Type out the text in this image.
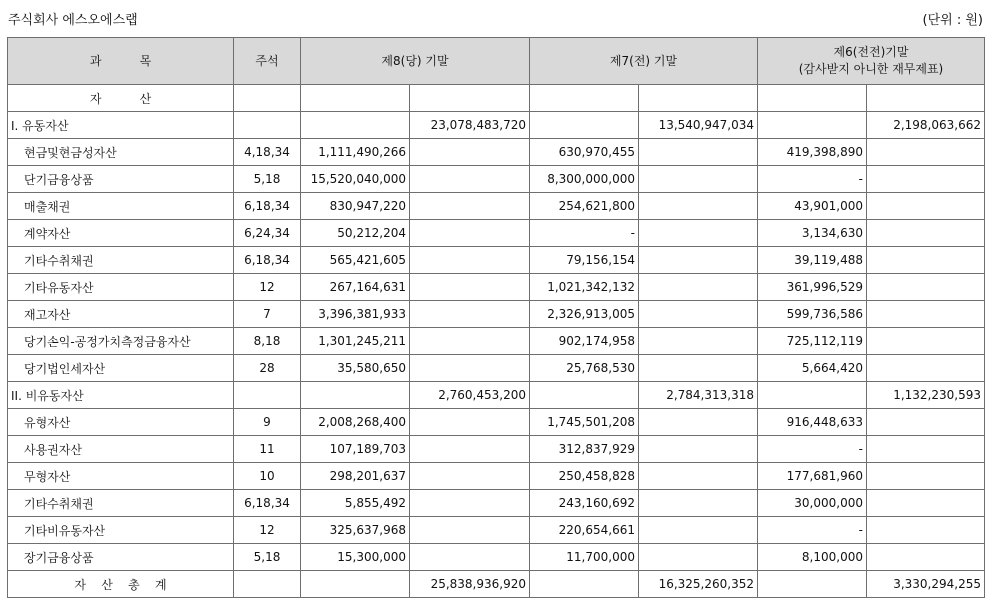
주식회사 에스오에스랩	(단위 : 원)
과          목	주석	제8(당) 기말		제7(전) 기말		제6(전전)기말
(감사받지 아니한 재무제표)	

자          산							
I. 유동자산			23,078,483,720		13,540,947,034		2,198,063,662
현금및현금성자산	4,18,34	1,111,490,266		630,970,455		419,398,890	
단기금융상품	5,18	15,520,040,000		8,300,000,000		-	
매출채권	6,18,34	830,947,220		254,621,800		43,901,000	
계약자산	6,24,34	50,212,204		-		3,134,630	
기타수취채권	6,18,34	565,421,605		79,156,154		39,119,488	
기타유동자산	12	267,164,631		1,021,342,132		361,996,529	
재고자산	7	3,396,381,933		2,326,913,005		599,736,586	
당기손익-공정가치측정금융자산	8,18	1,301,245,211		902,174,958		725,112,119	
당기법인세자산	28	35,580,650		25,768,530		5,664,420	
II. 비유동자산			2,760,453,200		2,784,313,318		1,132,230,593
유형자산	9	2,008,268,400		1,745,501,208		916,448,633	
사용권자산	11	107,189,703		312,837,929		-	
무형자산	10	298,201,637		250,458,828		177,681,960	
기타수취채권	6,18,34	5,855,492		243,160,692		30,000,000	
기타비유동자산	12	325,637,968		220,654,661		-	
장기금융상품	5,18	15,300,000		11,700,000		8,100,000	
자    산    총    계			25,838,936,920		16,325,260,352		3,330,294,255
